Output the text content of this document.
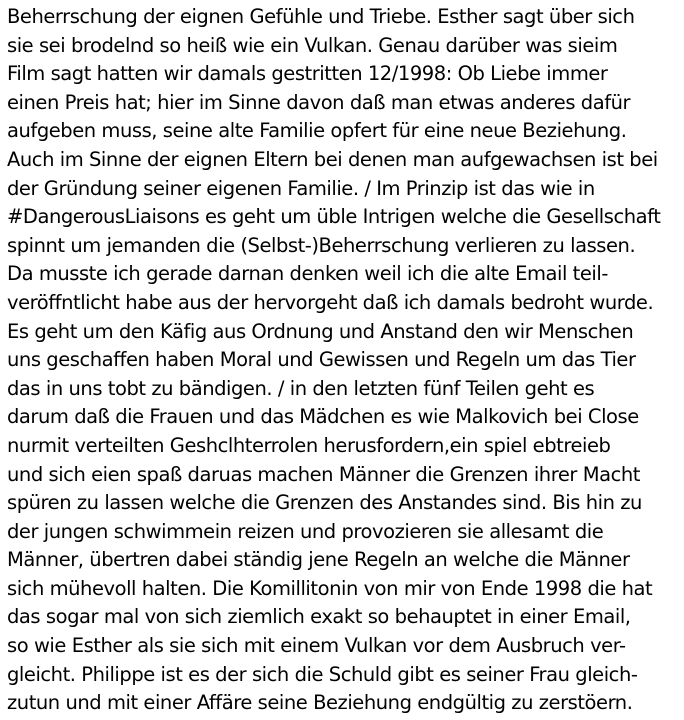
Beherrschung der eignen Gefühle und Triebe. Esther sagt über sich
sie sei brodelnd so heiß wie ein Vulkan. Genau darüber was sieim
Film sagt hatten wir damals gestritten 12/1998: Ob Liebe immer
einen Preis hat; hier im Sinne davon daß man etwas anderes dafür
aufgeben muss, seine alte Familie opfert für eine neue Beziehung.
Auch im Sinne der eignen Eltern bei denen man aufgewachsen ist bei
der Gründung seiner eigenen Familie. / Im Prinzip ist das wie in
#DangerousLiaisons es geht um üble Intrigen welche die Gesellschaft
spinnt um jemanden die (Selbst-)Beherrschung verlieren zu lassen.
Da musste ich gerade darnan denken weil ich die alte Email teil-
veröffntlicht habe aus der hervorgeht daß ich damals bedroht wurde.
Es geht um den Käfig aus Ordnung und Anstand den wir Menschen
uns geschaffen haben Moral und Gewissen und Regeln um das Tier
das in uns tobt zu bändigen. / in den letzten fünf Teilen geht es
darum daß die Frauen und das Mädchen es wie Malkovich bei Close
nurmit verteilten Geshclhterrolen herusfordern,ein spiel ebtreieb
und sich eien spaß daruas machen Männer die Grenzen ihrer Macht
spüren zu lassen welche die Grenzen des Anstandes sind. Bis hin zu
der jungen schwimmein reizen und provozieren sie allesamt die
Männer, übertren dabei ständig jene Regeln an welche die Männer
sich mühevoll halten. Die Komillitonin von mir von Ende 1998 die hat
das sogar mal von sich ziemlich exakt so behauptet in einer Email,
so wie Esther als sie sich mit einem Vulkan vor dem Ausbruch ver-
gleicht. Philippe ist es der sich die Schuld gibt es seiner Frau gleich-
zutun und mit einer Affäre seine Beziehung endgültig zu zerstöern.
